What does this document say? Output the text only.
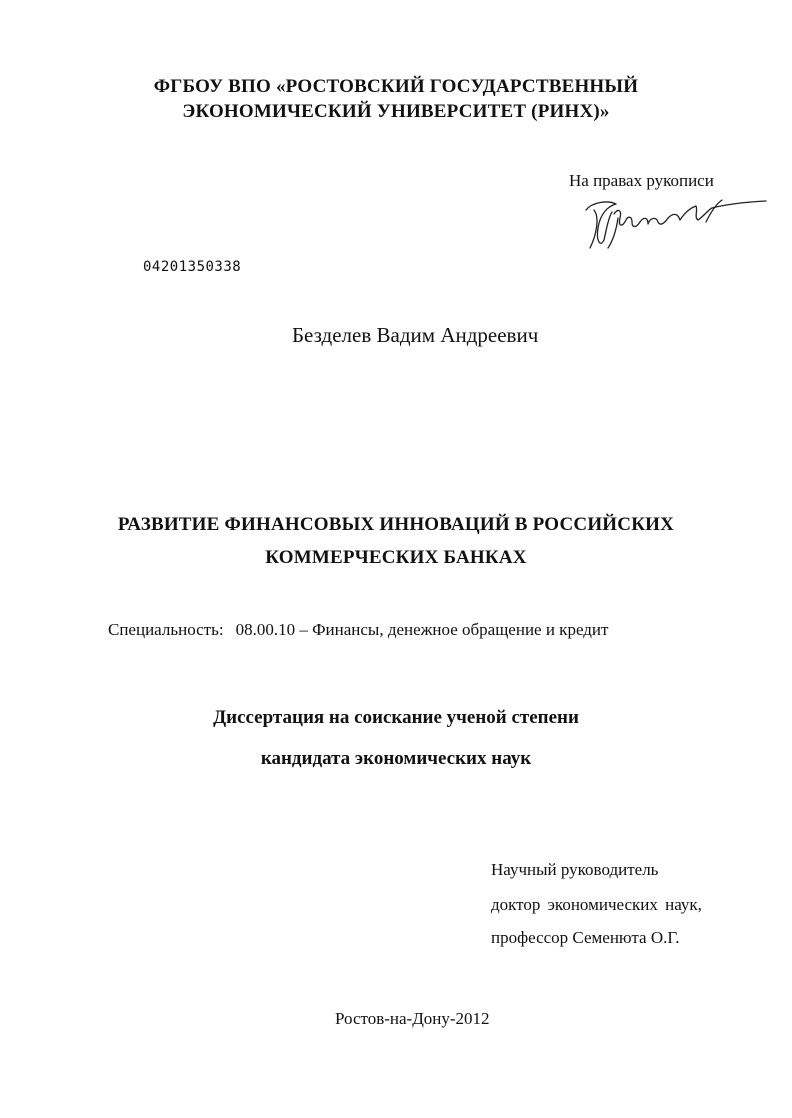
ФГБОУ ВПО «РОСТОВСКИЙ ГОСУДАРСТВЕННЫЙ
ЭКОНОМИЧЕСКИЙ УНИВЕРСИТЕТ (РИНХ)»
На правах рукописи
04201350338
Безделев Вадим Андреевич
РАЗВИТИЕ ФИНАНСОВЫХ ИННОВАЦИЙ В РОССИЙСКИХ
КОММЕРЧЕСКИХ БАНКАХ
Специальность: 08.00.10 – Финансы, денежное обращение и кредит
Диссертация на соискание ученой степени
кандидата экономических наук
Научный руководитель
доктор экономических наук,
профессор Семенюта О.Г.
Ростов-на-Дону-2012
